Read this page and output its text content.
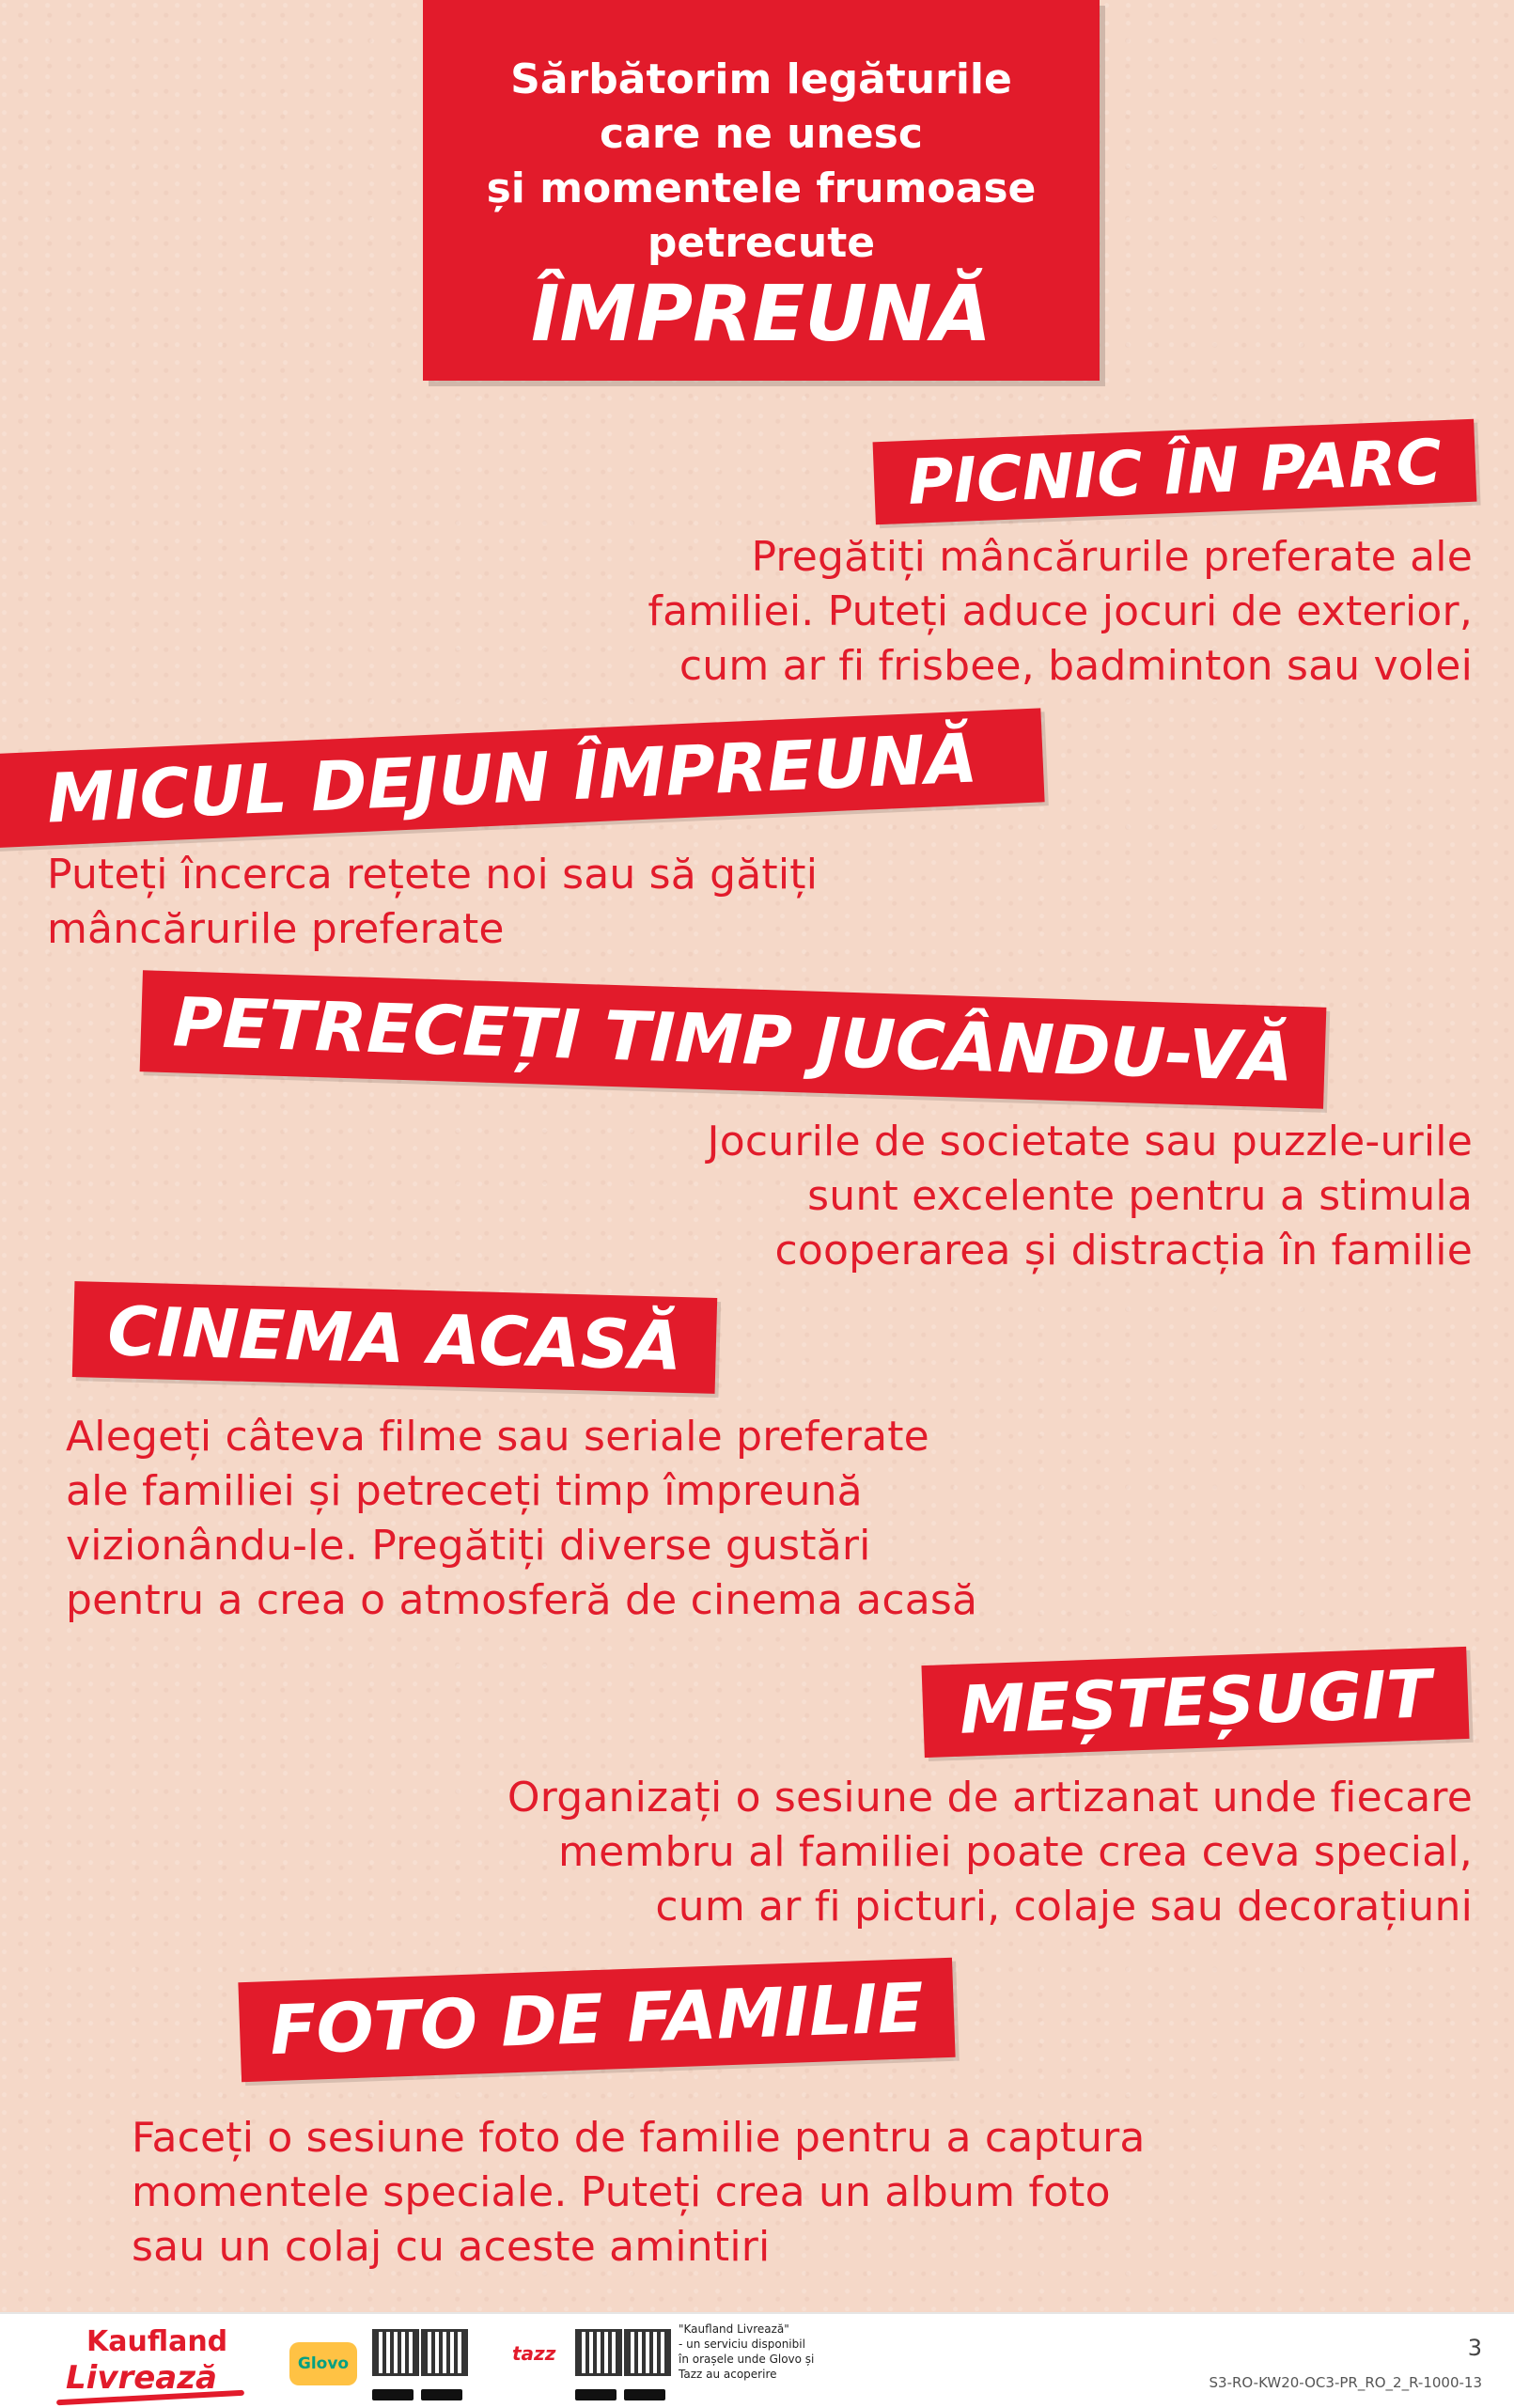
Sărbătorim legăturile
care ne unesc
și momentele frumoase
petrecute
ÎMPREUNĂ
PICNIC ÎN PARC
Pregătiți mâncărurile preferate ale
familiei. Puteți aduce jocuri de exterior,
cum ar fi frisbee, badminton sau volei
MICUL DEJUN ÎMPREUNĂ
Puteți încerca rețete noi sau să gătiți
mâncărurile preferate
PETRECEȚI TIMP JUCÂNDU-VĂ
Jocurile de societate sau puzzle-urile
sunt excelente pentru a stimula
cooperarea și distracția în familie
CINEMA ACASĂ
Alegeți câteva filme sau seriale preferate
ale familiei și petreceți timp împreună
vizionându-le. Pregătiți diverse gustări
pentru a crea o atmosferă de cinema acasă
MEȘTEȘUGIT
Organizați o sesiune de artizanat unde fiecare
membru al familiei poate crea ceva special,
cum ar fi picturi, colaje sau decorațiuni
FOTO DE FAMILIE
Faceți o sesiune foto de familie pentru a captura
momentele speciale. Puteți crea un album foto
sau un colaj cu aceste amintiri
Kaufland
Livrează	Glovo	tazz
"Kaufland Livrează"
- un serviciu disponibil
în orașele unde Glovo și
Tazz au acoperire
3
S3-RO-KW20-OC3-PR_RO_2_R-1000-13
